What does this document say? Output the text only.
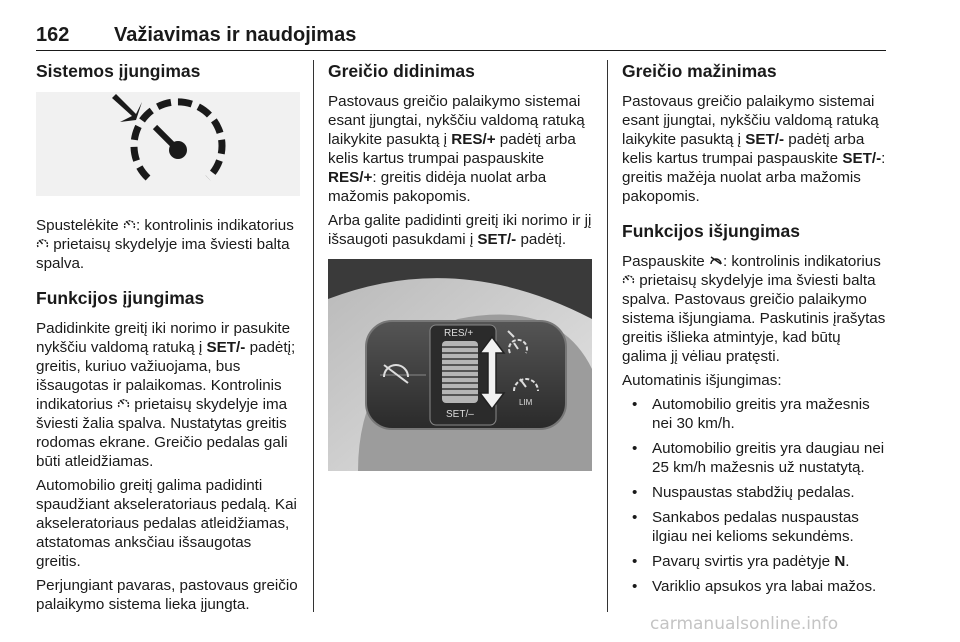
162 Važiavimas ir naudojimas
Sistemos įjungimas

Spustelėkite : kontrolinis indikatorius  prietaisų skydelyje ima šviesti balta spalva.

Funkcijos įjungimas

Padidinkite greitį iki norimo ir pasukite nykščiu valdomą ratuką į SET/- padėtį; greitis, kuriuo važiuojama, bus išsaugotas ir palaikomas. Kontrolinis indikatorius  prietaisų skydelyje ima šviesti žalia spalva. Nustatytas greitis rodomas ekrane. Greičio pedalas gali būti atleidžiamas.

Automobilio greitį galima padidinti spaudžiant akseleratoriaus pedalą. Kai akseleratoriaus pedalas atleidžiamas, atstatomas anksčiau išsaugotas greitis.

Perjungiant pavaras, pastovaus greičio palaikymo sistema lieka įjungta.

Greičio didinimas

Pastovaus greičio palaikymo sistemai esant įjungtai, nykščiu valdomą ratuką laikykite pasuktą į RES/+ padėtį arba kelis kartus trumpai paspauskite RES/+: greitis didėja nuolat arba mažomis pakopomis.

Arba galite padidinti greitį iki norimo ir jį išsaugoti pasukdami į SET/- padėtį.

RES/+
SET/–
LIM
Greičio mažinimas

Pastovaus greičio palaikymo sistemai esant įjungtai, nykščiu valdomą ratuką laikykite pasuktą į SET/- padėtį arba kelis kartus trumpai paspauskite SET/-: greitis mažėja nuolat arba mažomis pakopomis.

Funkcijos išjungimas

Paspauskite : kontrolinis indikatorius  prietaisų skydelyje ima šviesti balta spalva. Pastovaus greičio palaikymo sistema išjungiama. Paskutinis įrašytas greitis išlieka atmintyje, kad būtų galima jį vėliau pratęsti.

Automatinis išjungimas:

• Automobilio greitis yra mažesnis nei 30 km/h.
• Automobilio greitis yra daugiau nei 25 km/h mažesnis už nustatytą.
• Nuspaustas stabdžių pedalas.
• Sankabos pedalas nuspaustas ilgiau nei kelioms sekundėms.
• Pavarų svirtis yra padėtyje N.
• Variklio apsukos yra labai mažos.
carmanualsonline.info
